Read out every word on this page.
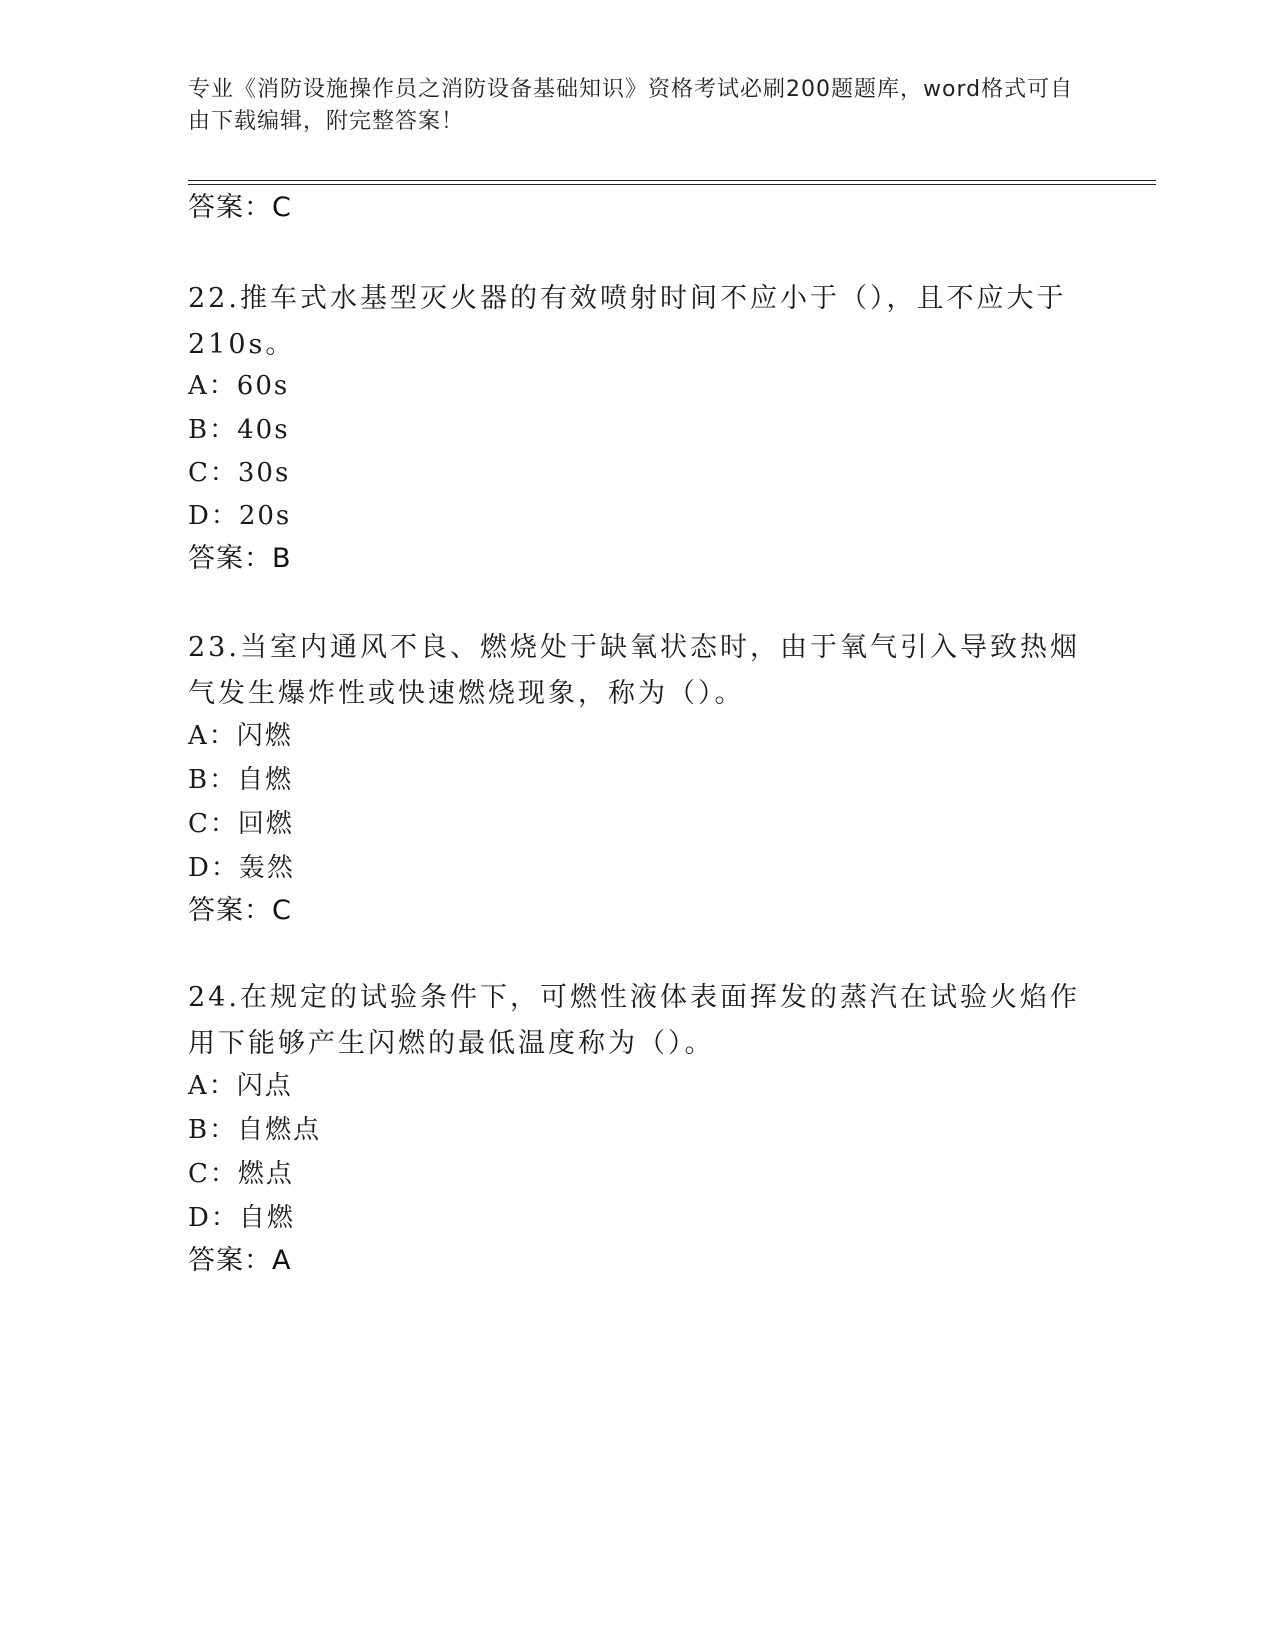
专业《消防设施操作员之消防设备基础知识》资格考试必刷200题题库，word格式可自由下载编辑，附完整答案！
答案：C
22.推车式水基型灭火器的有效喷射时间不应小于（），且不应大于210s。
A：60s
B：40s
C：30s
D：20s
答案：B
23.当室内通风不良、燃烧处于缺氧状态时，由于氧气引入导致热烟气发生爆炸性或快速燃烧现象，称为（）。
A：闪燃
B：自燃
C：回燃
D：轰然
答案：C
24.在规定的试验条件下，可燃性液体表面挥发的蒸汽在试验火焰作用下能够产生闪燃的最低温度称为（）。
A：闪点
B：自燃点
C：燃点
D：自燃
答案：A
